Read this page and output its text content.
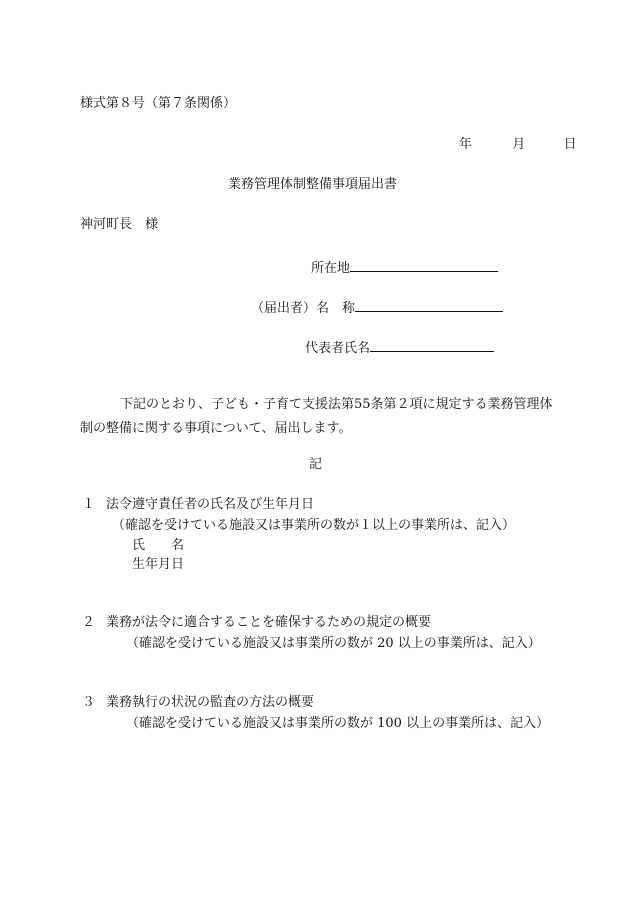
様式第８号（第７条関係）
年	月	日
業務管理体制整備事項届出書
神河町長　様
所在地
（届出者）名　称
代表者氏名
下記のとおり、子ども・子育て支援法第55条第２項に規定する業務管理体制の整備に関する事項について、届出します。
記
１ 法令遵守責任者の氏名及び生年月日
（確認を受けている施設又は事業所の数が１以上の事業所は、記入）
氏　　名
生年月日
２ 業務が法令に適合することを確保するための規定の概要
（確認を受けている施設又は事業所の数が 20 以上の事業所は、記入）
３ 業務執行の状況の監査の方法の概要
（確認を受けている施設又は事業所の数が 100 以上の事業所は、記入）
